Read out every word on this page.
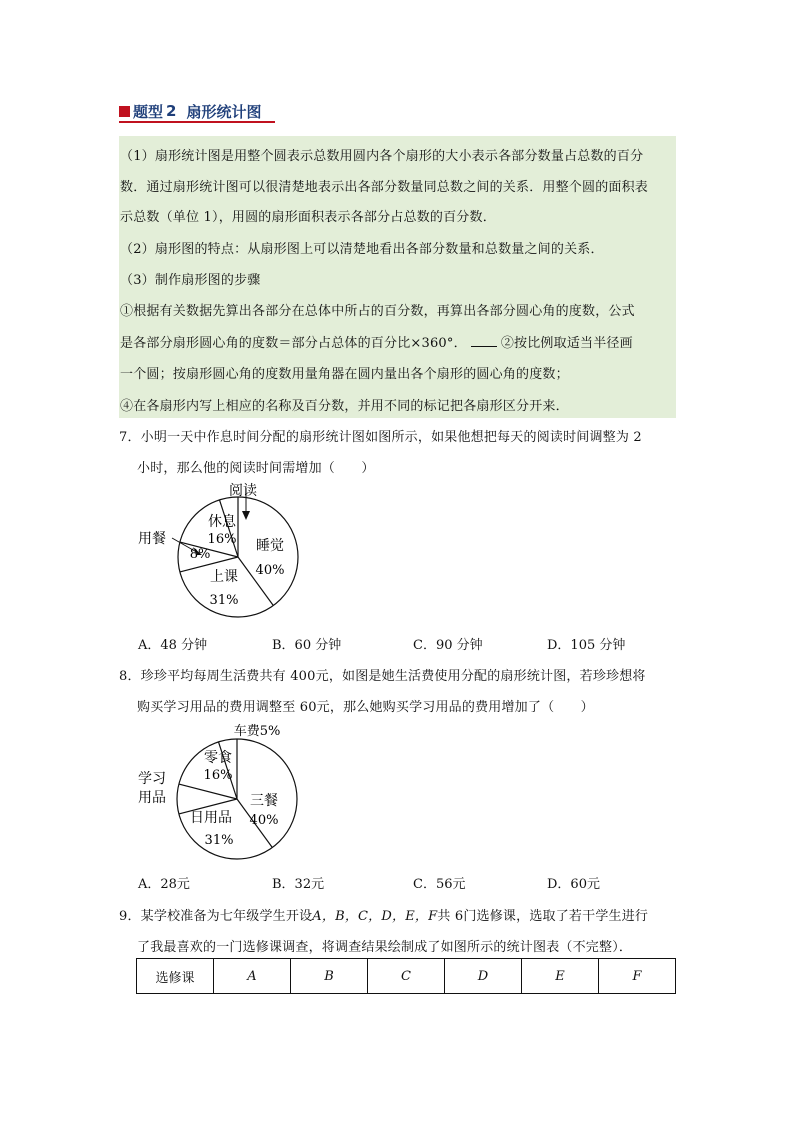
题型 2 扇形统计图
（1）扇形统计图是用整个圆表示总数用圆内各个扇形的大小表示各部分数量占总数的百分
数．通过扇形统计图可以很清楚地表示出各部分数量同总数之间的关系．用整个圆的面积表
示总数（单位 1），用圆的扇形面积表示各部分占总数的百分数．
（2）扇形图的特点：从扇形图上可以清楚地看出各部分数量和总数量之间的关系．
（3）制作扇形图的步骤
①根据有关数据先算出各部分在总体中所占的百分数，再算出各部分圆心角的度数，公式
是各部分扇形圆心角的度数＝部分占总体的百分比×360°．	②按比例取适当半径画
一个圆；按扇形圆心角的度数用量角器在圆内量出各个扇形的圆心角的度数；
④在各扇形内写上相应的名称及百分数，并用不同的标记把各扇形区分开来．
7．小明一天中作息时间分配的扇形统计图如图所示，如果他想把每天的阅读时间调整为 2
小时，那么他的阅读时间需增加（　　）
阅读
休息
16%
用餐
8%
睡觉
40%
上课
31%
A．48 分钟	B．60 分钟	C．90 分钟	D．105 分钟
8．珍珍平均每周生活费共有 400元，如图是她生活费使用分配的扇形统计图，若珍珍想将
购买学习用品的费用调整至 60元，那么她购买学习用品的费用增加了（　　）
车费5%
零食
16%
学习
用品	三餐
40%
日用品
31%
A．28元	B．32元	C．56元	D．60元
9．某学校准备为七年级学生开设A，B，C，D，E，F共 6门选修课，选取了若干学生进行
了我最喜欢的一门选修课调查，将调查结果绘制成了如图所示的统计图表（不完整）．
选修课	A	B	C	D	E	F
